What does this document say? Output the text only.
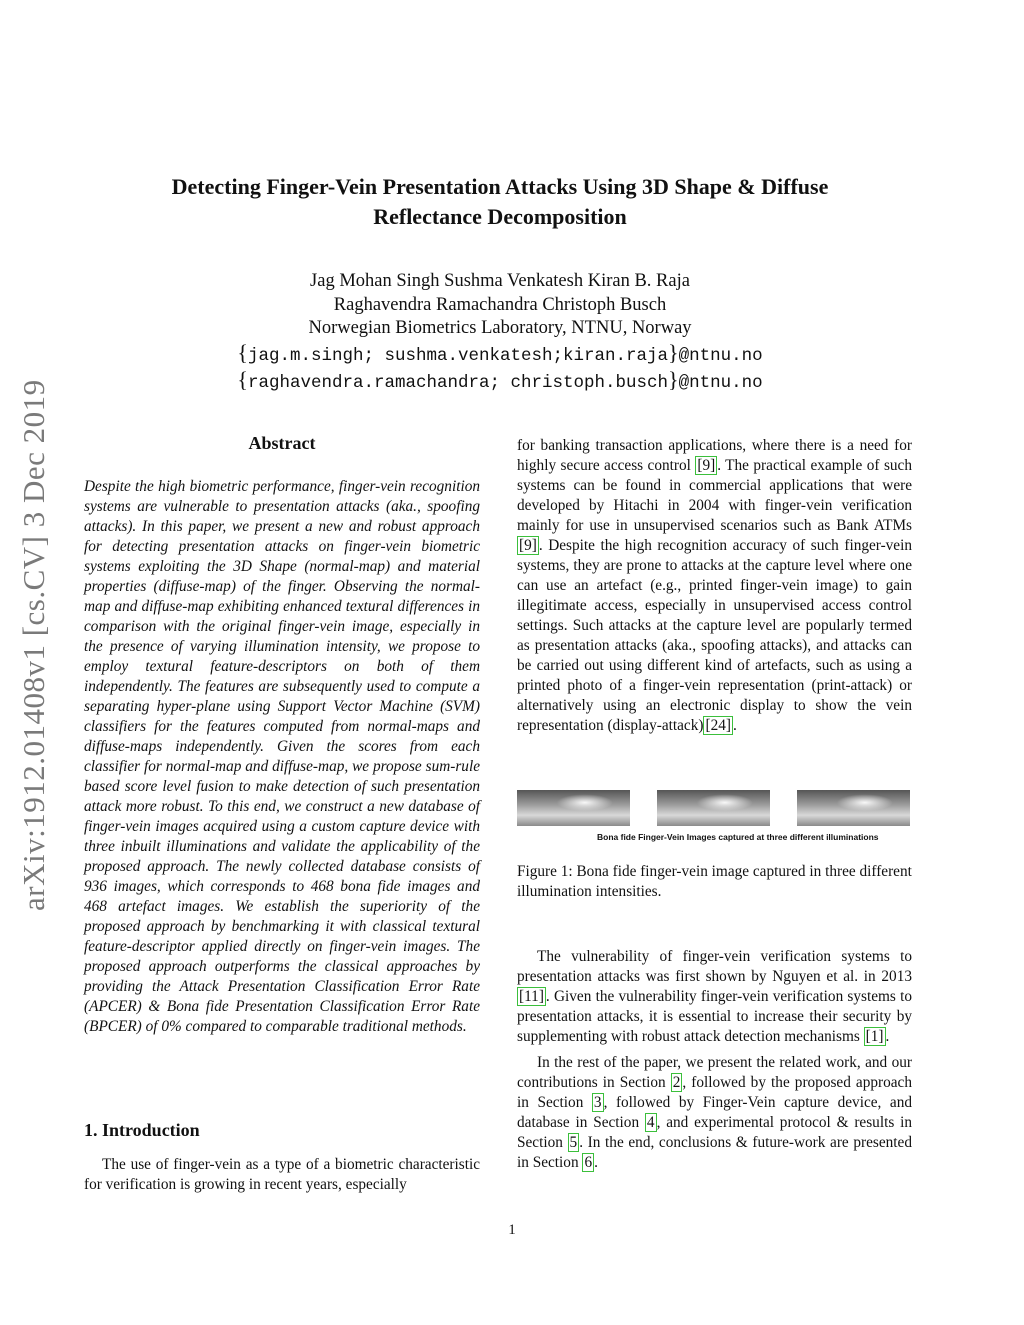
arXiv:1912.01408v1 [cs.CV] 3 Dec 2019
Detecting Finger-Vein Presentation Attacks Using 3D Shape & Diffuse
Reflectance Decomposition
Jag Mohan Singh Sushma Venkatesh Kiran B. Raja
Raghavendra Ramachandra Christoph Busch
Norwegian Biometrics Laboratory, NTNU, Norway
{jag.m.singh; sushma.venkatesh;kiran.raja}@ntnu.no
{raghavendra.ramachandra; christoph.busch}@ntnu.no
Abstract

Despite the high biometric performance, finger-vein recognition systems are vulnerable to presentation attacks (aka., spoofing attacks). In this paper, we present a new and robust approach for detecting presentation attacks on finger-vein biometric systems exploiting the 3D Shape (normal-map) and material properties (diffuse-map) of the finger. Observing the normal-map and diffuse-map exhibiting enhanced textural differences in comparison with the original finger-vein image, especially in the presence of varying illumination intensity, we propose to employ textural feature-descriptors on both of them independently. The features are subsequently used to compute a separating hyper-plane using Support Vector Machine (SVM) classifiers for the features computed from normal-maps and diffuse-maps independently. Given the scores from each classifier for normal-map and diffuse-map, we propose sum-rule based score level fusion to make detection of such presentation attack more robust. To this end, we construct a new database of finger-vein images acquired using a custom capture device with three inbuilt illuminations and validate the applicability of the proposed approach. The newly collected database consists of 936 images, which corresponds to 468 bona fide images and 468 artefact images. We establish the superiority of the proposed approach by benchmarking it with classical textural feature-descriptor applied directly on finger-vein images. The proposed approach outperforms the classical approaches by providing the Attack Presentation Classification Error Rate (APCER) & Bona fide Presentation Classification Error Rate (BPCER) of 0% compared to comparable traditional methods.

1. Introduction

The use of finger-vein as a type of a biometric characteristic for verification is growing in recent years, especially

for banking transaction applications, where there is a need for highly secure access control [9] . The practical example of such systems can be found in commercial applications that were developed by Hitachi in 2004 with finger-vein verification mainly for use in unsupervised scenarios such as Bank ATMs [9] . Despite the high recognition accuracy of such finger-vein systems, they are prone to attacks at the capture level where one can use an artefact (e.g., printed finger-vein image) to gain illegitimate access, especially in unsupervised access control settings. Such attacks at the capture level are popularly termed as presentation attacks (aka., spoofing attacks), and attacks can be carried out using different kind of artefacts, such as using a printed photo of a finger-vein representation (print-attack) or alternatively using an electronic display to show the vein representation (display-attack) [24] .

Bona fide Finger-Vein Images captured at three different illuminations

Figure 1: Bona fide finger-vein image captured in three different illumination intensities.

The vulnerability of finger-vein verification systems to presentation attacks was first shown by Nguyen et al. in 2013 [11] . Given the vulnerability finger-vein verification systems to presentation attacks, it is essential to increase their security by supplementing with robust attack detection mechanisms [1] .

In the rest of the paper, we present the related work, and our contributions in Section 2 , followed by the proposed approach in Section 3 , followed by Finger-Vein capture device, and database in Section 4 , and experimental protocol & results in Section 5 . In the end, conclusions & future-work are presented in Section 6 .

1
